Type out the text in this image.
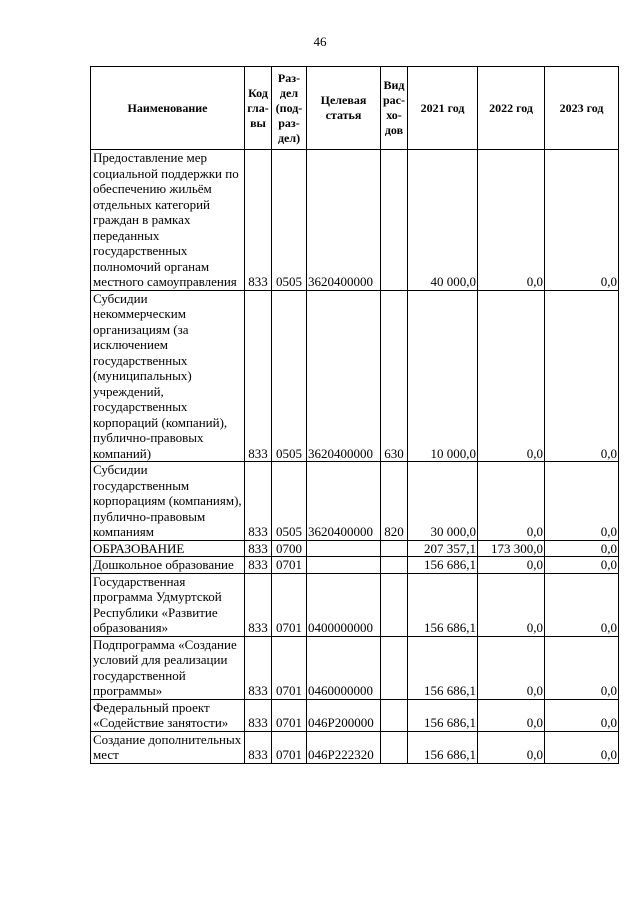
46
Наименование	Код гла- вы	Раз- дел (под- раз- дел)	Целевая статья	Вид рас- хо- дов	2021 год	2022 год	2023 год
Предоставление мер социальной поддержки по обеспечению жильём отдельных категорий граждан в рамках переданных государственных полномочий органам местного самоуправления	833	0505	3620400000		40 000,0	0,0	0,0
Субсидии некоммерческим организациям (за исключением государственных (муниципальных) учреждений, государственных корпораций (компаний), публично-правовых компаний)	833	0505	3620400000	630	10 000,0	0,0	0,0
Субсидии государственным корпорациям (компаниям), публично-правовым компаниям	833	0505	3620400000	820	30 000,0	0,0	0,0
ОБРАЗОВАНИЕ	833	0700			207 357,1	173 300,0	0,0
Дошкольное образование	833	0701			156 686,1	0,0	0,0
Государственная программа Удмуртской Республики «Развитие образования»	833	0701	0400000000		156 686,1	0,0	0,0
Подпрограмма «Создание условий для реализации государственной программы»	833	0701	0460000000		156 686,1	0,0	0,0
Федеральный проект «Содействие занятости»	833	0701	046P200000		156 686,1	0,0	0,0
Создание дополнительных мест	833	0701	046P222320		156 686,1	0,0	0,0
